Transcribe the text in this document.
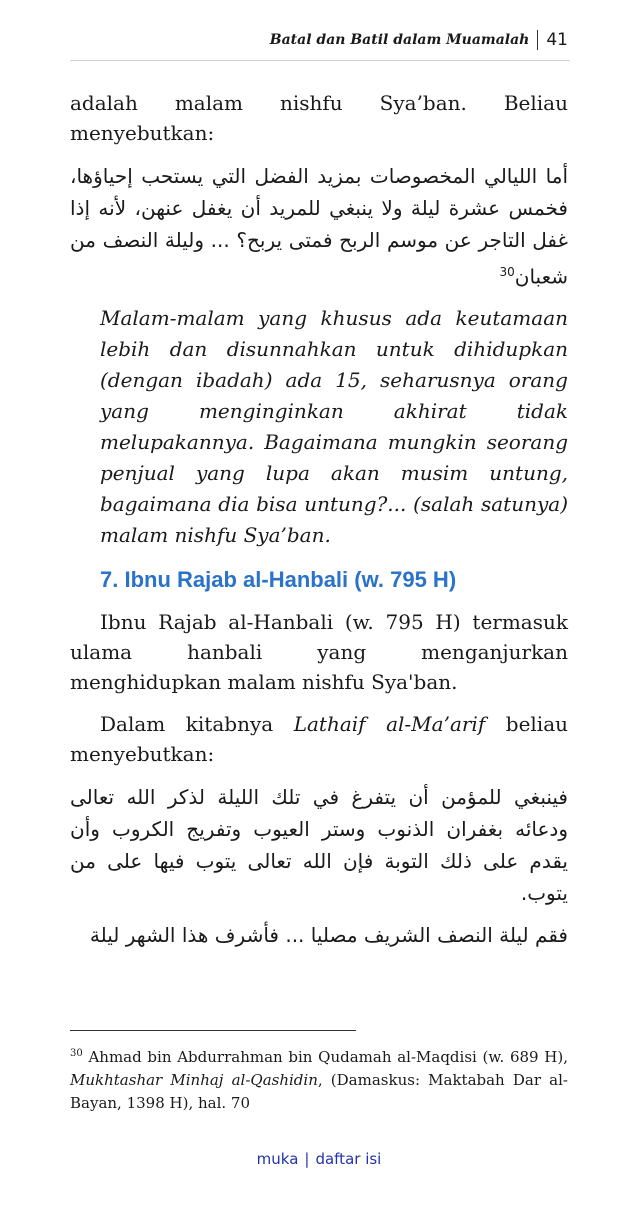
Batal dan Batil dalam Muamalah 41

adalah malam nishfu Sya’ban. Beliau menyebutkan:

أما الليالي المخصوصات بمزيد الفضل التي يستحب إحياؤها، فخمس عشرة ليلة ولا ينبغي للمريد أن يغفل عنهن، لأنه إذا غفل التاجر عن موسم الربح فمتى يربح؟ ... وليلة النصف من شعبان$^{30}$

Malam-malam yang khusus ada keutamaan lebih dan disunnahkan untuk dihidupkan (dengan ibadah) ada 15, seharusnya orang yang menginginkan akhirat tidak melupakannya. Bagaimana mungkin seorang penjual yang lupa akan musim untung, bagaimana dia bisa untung?... (salah satunya) malam nishfu Sya’ban.

7. Ibnu Rajab al-Hanbali (w. 795 H)

Ibnu Rajab al-Hanbali (w. 795 H) termasuk ulama hanbali yang menganjurkan menghidupkan malam nishfu Sya'ban.

Dalam kitabnya Lathaif al-Ma’arif beliau menyebutkan:

فينبغي للمؤمن أن يتفرغ في تلك الليلة لذكر الله تعالى ودعائه بغفران الذنوب وستر العيوب وتفريج الكروب وأن يقدم على ذلك التوبة فإن الله تعالى يتوب فيها على من يتوب.

فقم ليلة النصف الشريف مصليا ... فأشرف هذا الشهر ليلة

$^{30}$ Ahmad bin Abdurrahman bin Qudamah al-Maqdisi (w. 689 H), Mukhtashar Minhaj al-Qashidin, (Damaskus: Maktabah Dar al-Bayan, 1398 H), hal. 70
muka | daftar isi
